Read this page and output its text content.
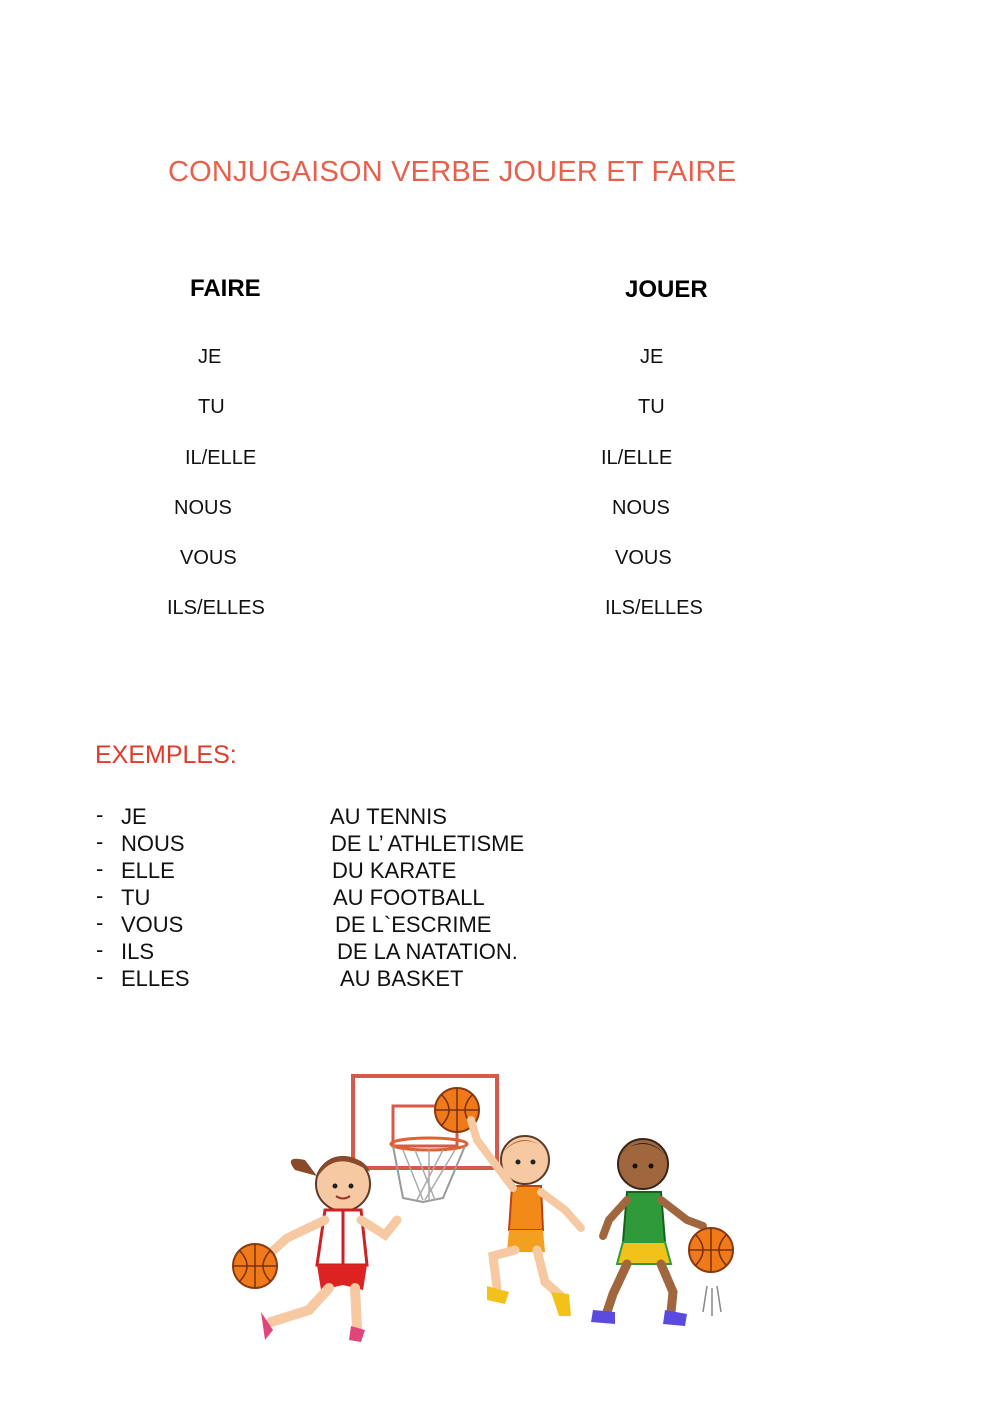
CONJUGAISON VERBE JOUER ET FAIRE
FAIRE
JE
TU
IL/ELLE
NOUS
VOUS
ILS/ELLES
JOUER
JE
TU
IL/ELLE
NOUS
VOUS
ILS/ELLES
EXEMPLES:
- JE	AU TENNIS
- NOUS	DE L’ ATHLETISME
- ELLE	DU KARATE
- TU	AU FOOTBALL
- VOUS	DE L`ESCRIME
- ILS	DE LA NATATION.
- ELLES	AU BASKET
